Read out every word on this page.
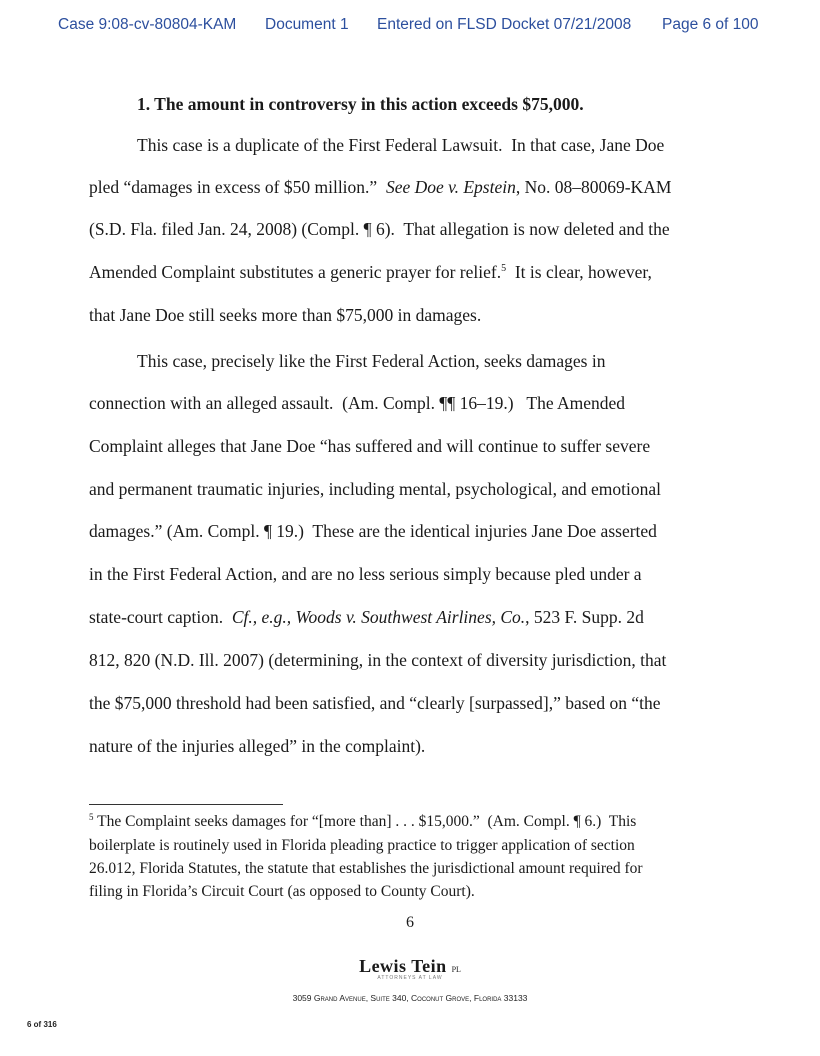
Case 9:08-cv-80804-KAM Document 1 Entered on FLSD Docket 07/21/2008 Page 6 of 100
1. The amount in controversy in this action exceeds $75,000.
This case is a duplicate of the First Federal Lawsuit.  In that case, Jane Doe
pled “damages in excess of $50 million.”  See Doe v. Epstein, No. 08–80069-KAM
(S.D. Fla. filed Jan. 24, 2008) (Compl. ¶ 6).  That allegation is now deleted and the
Amended Complaint substitutes a generic prayer for relief.$^5$  It is clear, however,
that Jane Doe still seeks more than $75,000 in damages.
This case, precisely like the First Federal Action, seeks damages in
connection with an alleged assault.  (Am. Compl. ¶¶ 16–19.)   The Amended
Complaint alleges that Jane Doe “has suffered and will continue to suffer severe
and permanent traumatic injuries, including mental, psychological, and emotional
damages.” (Am. Compl. ¶ 19.)  These are the identical injuries Jane Doe asserted
in the First Federal Action, and are no less serious simply because pled under a
state-court caption.  Cf., e.g., Woods v. Southwest Airlines, Co., 523 F. Supp. 2d
812, 820 (N.D. Ill. 2007) (determining, in the context of diversity jurisdiction, that
the $75,000 threshold had been satisfied, and “clearly [surpassed],” based on “the
nature of the injuries alleged” in the complaint).
$^5$ The Complaint seeks damages for “[more than] . . . $15,000.”  (Am. Compl. ¶ 6.)  This
boilerplate is routinely used in Florida pleading practice to trigger application of section
26.012, Florida Statutes, the statute that establishes the jurisdictional amount required for
filing in Florida’s Circuit Court (as opposed to County Court).
6
Lewis Tein PL
ATTORNEYS AT LAW
3059 Grand Avenue, Suite 340, Coconut Grove, Florida 33133
6 of 316
